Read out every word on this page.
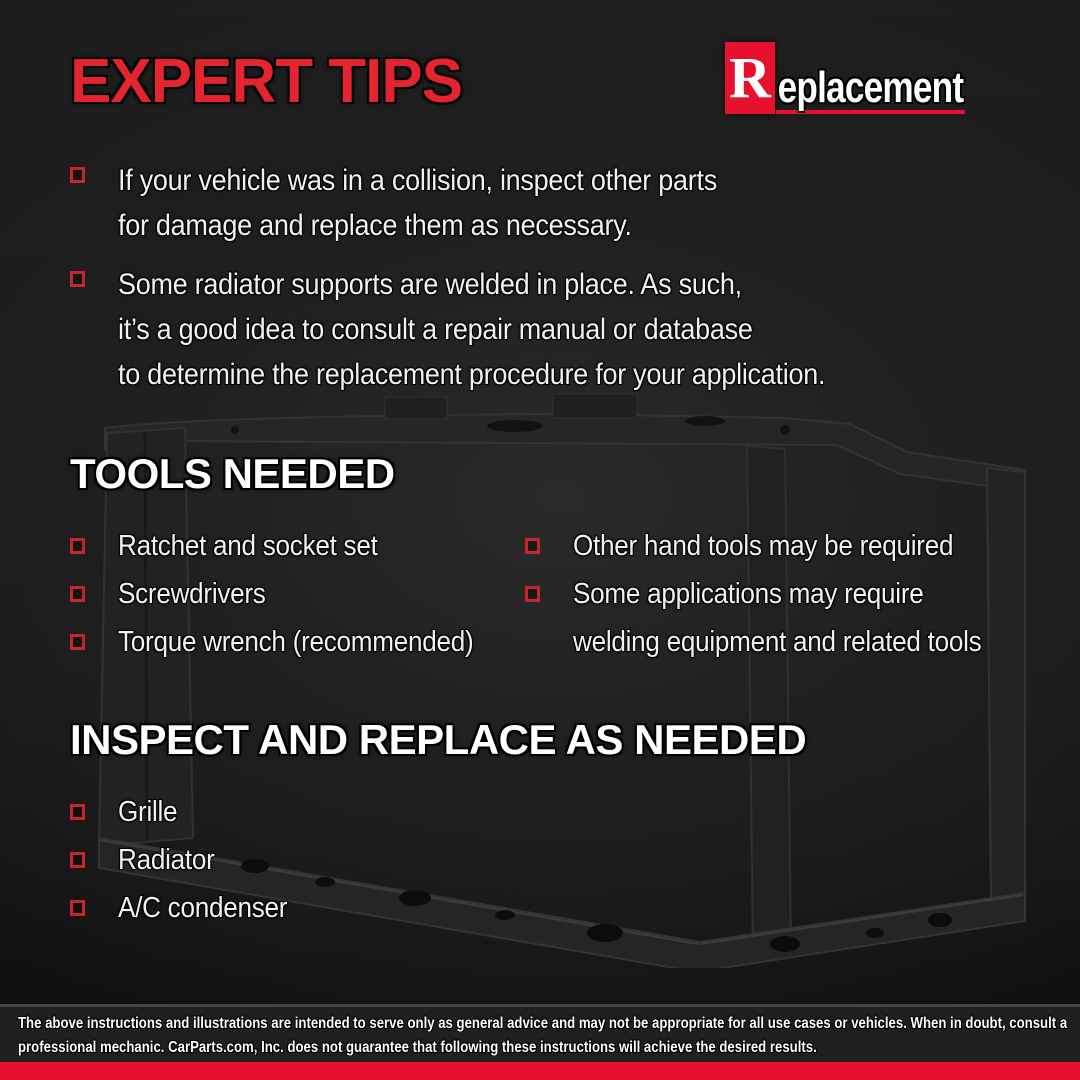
EXPERT TIPS	R eplacement
If your vehicle was in a collision, inspect other parts
for damage and replace them as necessary.
Some radiator supports are welded in place. As such,
it’s a good idea to consult a repair manual or database
to determine the replacement procedure for your application.
TOOLS NEEDED
Ratchet and socket set
Screwdrivers
Torque wrench (recommended)
Other hand tools may be required
Some applications may require
welding equipment and related tools
INSPECT AND REPLACE AS NEEDED
Grille
Radiator
A/C condenser
The above instructions and illustrations are intended to serve only as general advice and may not be appropriate for all use cases or vehicles. When in doubt, consult a
professional mechanic. CarParts.com, Inc. does not guarantee that following these instructions will achieve the desired results.
